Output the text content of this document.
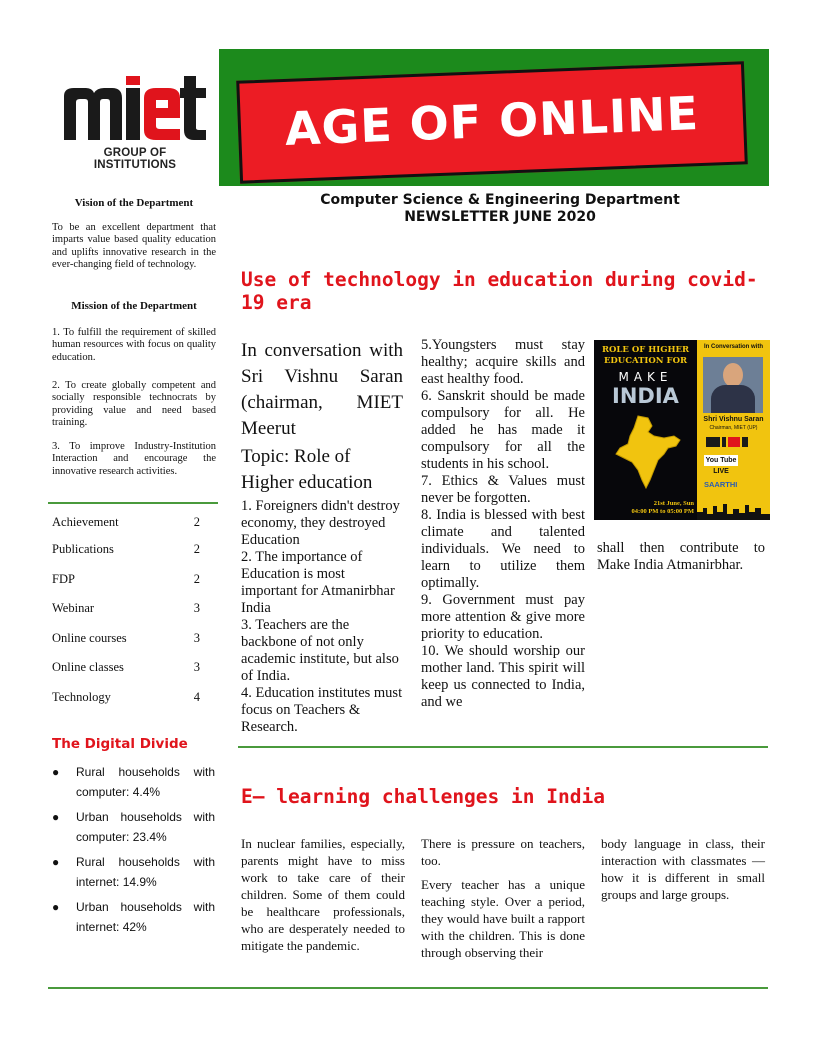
GROUP OF INSTITUTIONS
AGE OF ONLINE
Computer Science & Engineering Department
NEWSLETTER JUNE 2020
Vision of the Department
To be an excellent department that imparts value based quality education and uplifts innovative research in the ever-changing field of technology.
Mission of the Department
1. To fulfill the requirement of skilled human resources with focus on quality education.
2. To create globally competent and socially responsible technocrats by providing value and need based training.
3. To improve Industry-Institution Interaction and encourage the innovative research activities.
Achievement	2
Publications	2
FDP	2
Webinar	3
Online courses	3
Online classes	3
Technology	4
The Digital Divide
● Rural households with computer: 4.4%
● Urban households with computer: 23.4%
● Rural households with internet: 14.9%
● Urban households with internet: 42%
Use of technology in education during covid-19 era

In conversation with Sri Vishnu Saran (chairman, MIET Meerut

Topic: Role of Higher education

1. Foreigners didn't destroy economy, they destroyed Education
2. The importance of Education is most important for Atmanirbhar India
3. Teachers are the backbone of not only academic institute, but also of India.
4. Education institutes must focus on Teachers & Research.

5.Youngsters must stay healthy; acquire skills and east healthy food.
6. Sanskrit should be made compulsory for all. He added he has made it compulsory for all the students in his school.
7. Ethics & Values must never be forgotten.
8. India is blessed with best climate and talented individuals. We need to learn to utilize them optimally.
9. Government must pay more attention & give more priority to education.
10. We should worship our mother land. This spirit will keep us connected to India, and we
ROLE OF HIGHER EDUCATION FOR
MAKE
INDIA
21st June, Sun
04:00 PM to 05:00 PM
In Conversation with
Shri Vishnu Saran
Chairman, MIET (UP)
You Tube LIVE
SAARTHI
shall then contribute to Make India Atmanirbhar.
E– learning challenges in India
In nuclear families, especially, parents might have to miss work to take care of their children. Some of them could be healthcare professionals, who are desperately needed to mitigate the pandemic.

There is pressure on teachers, too.

Every teacher has a unique teaching style. Over a period, they would have built a rapport with the children. This is done through observing their

body language in class, their interaction with classmates — how it is different in small groups and large groups.
